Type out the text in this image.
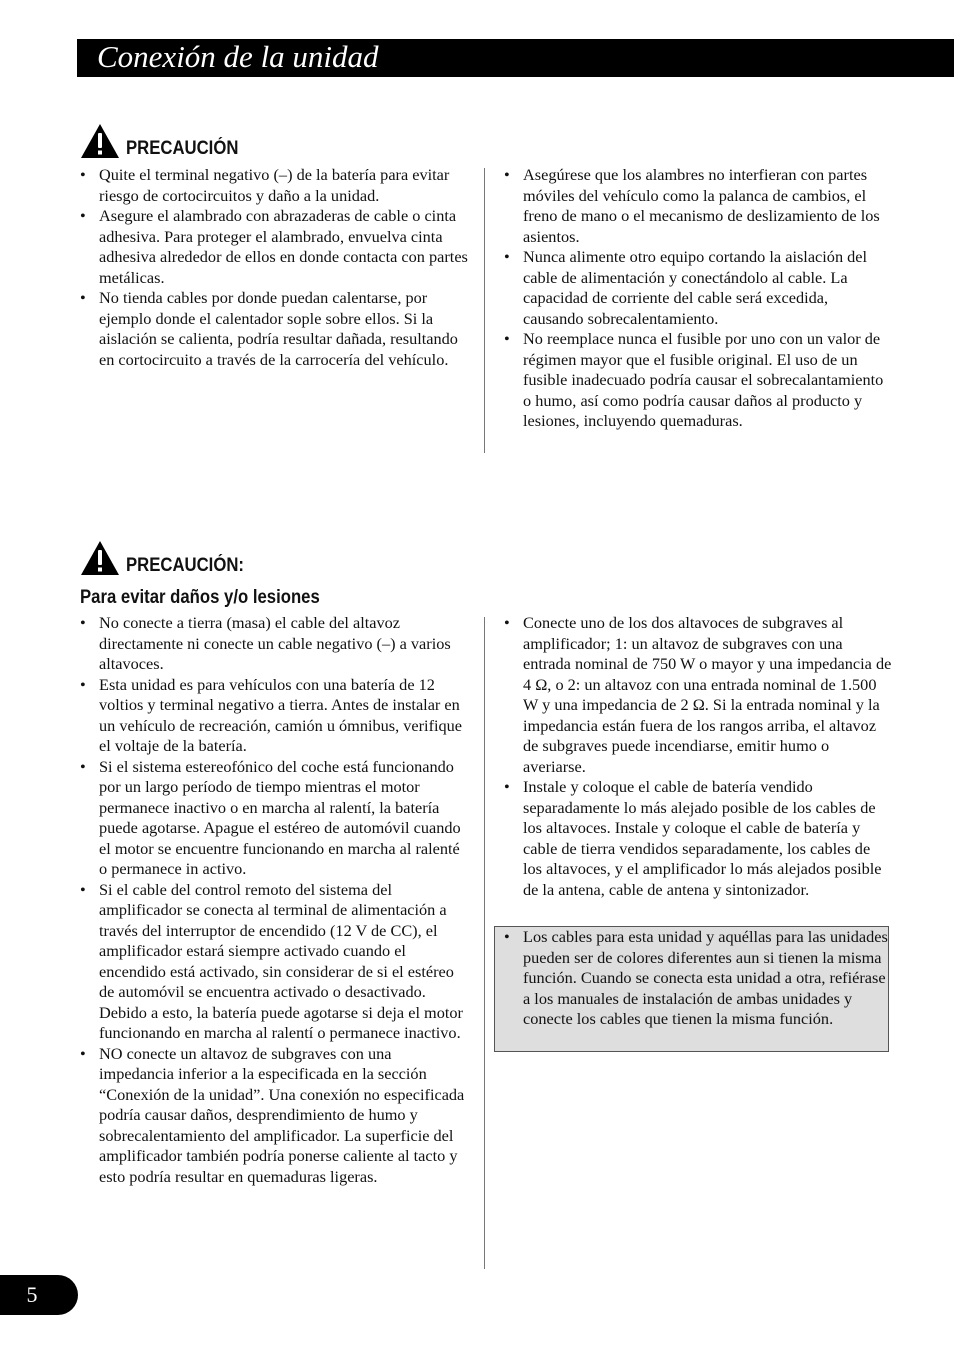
Conexión de la unidad
PRECAUCIÓN
• Quite el terminal negativo (–) de la batería para evitar riesgo de cortocircuitos y daño a la unidad.
• Asegure el alambrado con abrazaderas de cable o cinta adhesiva. Para proteger el alambrado, envuelva cinta adhesiva alrededor de ellos en donde contacta con partes metálicas.
• No tienda cables por donde puedan calentarse, por ejemplo donde el calentador sople sobre ellos. Si la aislación se calienta, podría resultar dañada, resultando en cortocircuito a través de la carrocería del vehículo.
• Asegúrese que los alambres no interfieran con partes móviles del vehículo como la palanca de cambios, el freno de mano o el mecanismo de deslizamiento de los asientos.
• Nunca alimente otro equipo cortando la aislación del cable de alimentación y conectándolo al cable. La capacidad de corriente del cable será excedida, causando sobrecalentamiento.
• No reemplace nunca el fusible por uno con un valor de régimen mayor que el fusible original. El uso de un fusible inadecuado podría causar el sobrecalantamiento o humo, así como podría causar daños al producto y lesiones, incluyendo quemaduras.
PRECAUCIÓN:
Para evitar daños y/o lesiones
• No conecte a tierra (masa) el cable del altavoz directamente ni conecte un cable negativo (–) a varios altavoces.
• Esta unidad es para vehículos con una batería de 12 voltios y terminal negativo a tierra. Antes de instalar en un vehículo de recreación, camión u ómnibus, verifique el voltaje de la batería.
• Si el sistema estereofónico del coche está funcionando por un largo período de tiempo mientras el motor permanece inactivo o en marcha al ralentí, la batería puede agotarse. Apague el estéreo de automóvil cuando el motor se encuentre funcionando en marcha al ralenté o permanece in activo.
• Si el cable del control remoto del sistema del amplificador se conecta al terminal de alimentación a través del interruptor de encendido (12 V de CC), el amplificador estará siempre activado cuando el encendido está activado, sin considerar de si el estéreo de automóvil se encuentra activado o desactivado. Debido a esto, la batería puede agotarse si deja el motor funcionando en marcha al ralentí o permanece inactivo.
• NO conecte un altavoz de subgraves con una impedancia inferior a la especificada en la sección “Conexión de la unidad”. Una conexión no especificada podría causar daños, desprendimiento de humo y sobrecalentamiento del amplificador. La superficie del amplificador también podría ponerse caliente al tacto y esto podría resultar en quemaduras ligeras.
• Conecte uno de los dos altavoces de subgraves al amplificador; 1: un altavoz de subgraves con una entrada nominal de 750 W o mayor y una impedancia de 4 Ω, o 2: un altavoz con una entrada nominal de 1.500 W y una impedancia de 2 Ω. Si la entrada nominal y la impedancia están fuera de los rangos arriba, el altavoz de subgraves puede incendiarse, emitir humo o averiarse.
• Instale y coloque el cable de batería vendido separadamente lo más alejado posible de los cables de los altavoces. Instale y coloque el cable de batería y cable de tierra vendidos separadamente, los cables de los altavoces, y el amplificador lo más alejados posible de la antena, cable de antena y sintonizador.
• Los cables para esta unidad y aquéllas para las unidades pueden ser de colores diferentes aun si tienen la misma función. Cuando se conecta esta unidad a otra, refiérase a los manuales de instalación de ambas unidades y conecte los cables que tienen la misma función.
5
